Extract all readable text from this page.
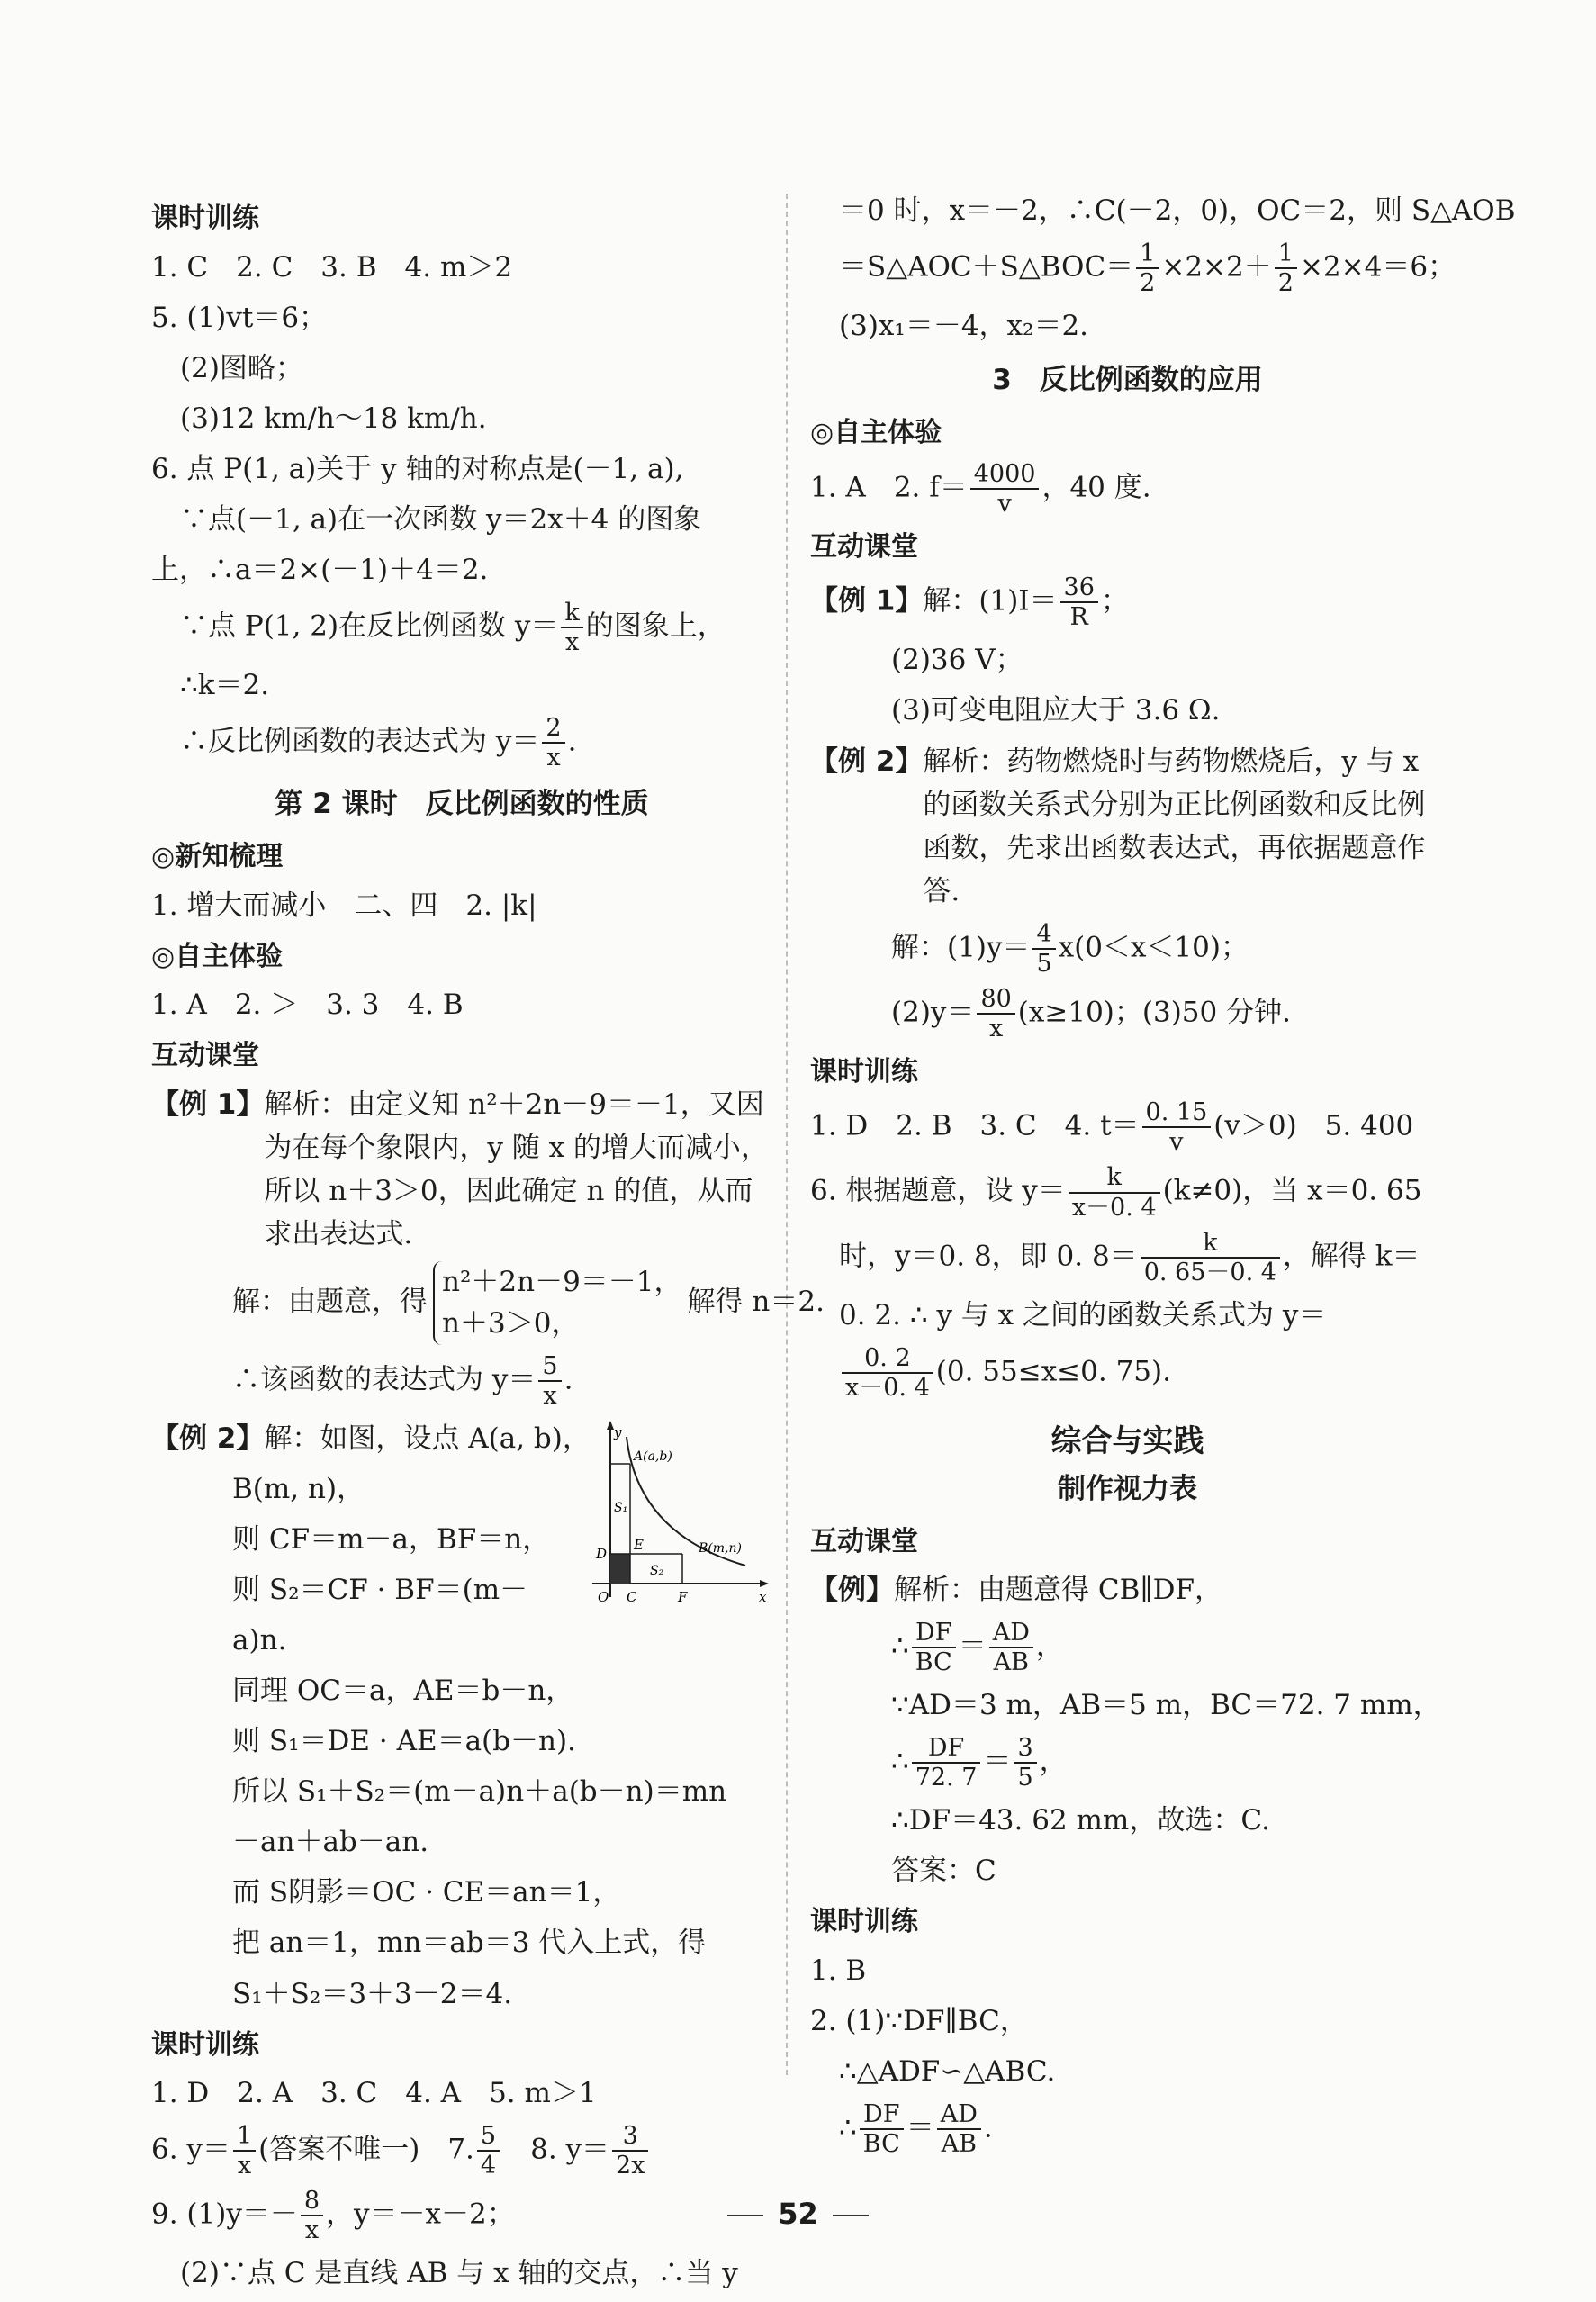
课时训练
1. C　2. C　3. B　4. m＞2
5. (1)vt＝6；
(2)图略；
(3)12 km/h～18 km/h.
6. 点 P(1, a)关于 y 轴的对称点是(－1, a),
∵点(－1, a)在一次函数 y＝2x＋4 的图象
上，∴a＝2×(－1)＋4＝2.
∵点 P(1, 2)在反比例函数 $y= \frac{k}{x}$ 的图象上，
∴k＝2.
∴反比例函数的表达式为 $y= \frac{2}{x}$ .
第 2 课时　反比例函数的性质
◎新知梳理
1. 增大而减小　二、四　2. |k|
◎自主体验
1. A　2. ＞　3. 3　4. B
互动课堂
【例 1】 解析：由定义知 n²＋2n－9＝－1，又因为在每个象限内，y 随 x 的增大而减小，所以 n＋3＞0，因此确定 n 的值，从而求出表达式.
解：由题意，得
n²＋2n－9＝－1，
n＋3＞0，
解得 n＝2.
∴该函数的表达式为 $y= \frac{5}{x}$ .
【例 2】解：如图，设点 A(a, b)，
B(m, n)，
则 CF＝m－a，BF＝n，
则 S₂＝CF · BF＝(m－
a)n.
同理 OC＝a，AE＝b－n，
则 S₁＝DE · AE＝a(b－n).
所以 S₁＋S₂＝(m－a)n＋a(b－n)＝mn
－an＋ab－an.
而 S阴影＝OC · CE＝an＝1，
把 an＝1，mn＝ab＝3 代入上式，得
S₁＋S₂＝3＋3－2＝4.
y
x
O C	F
D
E
A(a,b)
B(m,n)
S₁
S₂
课时训练
1. D　2. A　3. C　4. A　5. m＞1
6. $y= \frac{1}{x}$ (答案不唯一)　7. $\frac{5}{4}$ 　8. $y= \frac{3}{2x}$
9. $(1)y=- \frac{8}{x}$ ，y＝－x－2；
(2)∵点 C 是直线 AB 与 x 轴的交点，∴当 y
＝0 时，x＝－2，∴C(－2，0)，OC＝2，则 S△AOB
＝S△AOC＋S△BOC＝ $\frac{1}{2} \times 2\times 2+ \frac{1}{2} \times 2\times 4=6$；
(3)x₁＝－4，x₂＝2.
3　反比例函数的应用
◎自主体验
1. A　2. $f= \frac{4000}{v}$ ，40 度.
互动课堂
【例 1】解：$(1)I= \frac{36}{R}$ ；
(2)36 V；
(3)可变电阻应大于 3.6 Ω.
【例 2】 解析：药物燃烧时与药物燃烧后，y 与 x 的函数关系式分别为正比例函数和反比例函数，先求出函数表达式，再依据题意作答.
解：$(1)y= \frac{4}{5} x(0<x<10)$；
$(2)y= \frac{80}{x} (x\ge 10)$；(3)50 分钟.
课时训练
1. D　2. B　3. C　4. $t= \frac{0. 15}{v} (v>0)$　5. 400
6. 根据题意，设 $y= \frac{k}{x-0. 4} (k\ne 0)$，当 x＝0. 65
时，y＝0. 8，即 0. $8= \frac{k}{0. 65-0. 4}$ ，解得 k＝
0. 2. ∴ y 与 x 之间的函数关系式为 y＝
$\frac{0. 2}{x-0. 4} (0$. 55≤x≤0. 75).
综合与实践
制作视力表
互动课堂
【例】解析：由题意得 CB∥DF，
∴ $\frac{DF}{BC} = \frac{AD}{AB}$ ，
∵AD＝3 m，AB＝5 m，BC＝72. 7 mm，
∴ $\frac{DF}{72. 7} = \frac{3}{5}$ ，
∴DF＝43. 62 mm，故选：C.
答案：C
课时训练
1. B
2. (1)∵DF∥BC，
∴△ADF∽△ABC.
∴ $\frac{DF}{BC} = \frac{AD}{AB}$ .
52
